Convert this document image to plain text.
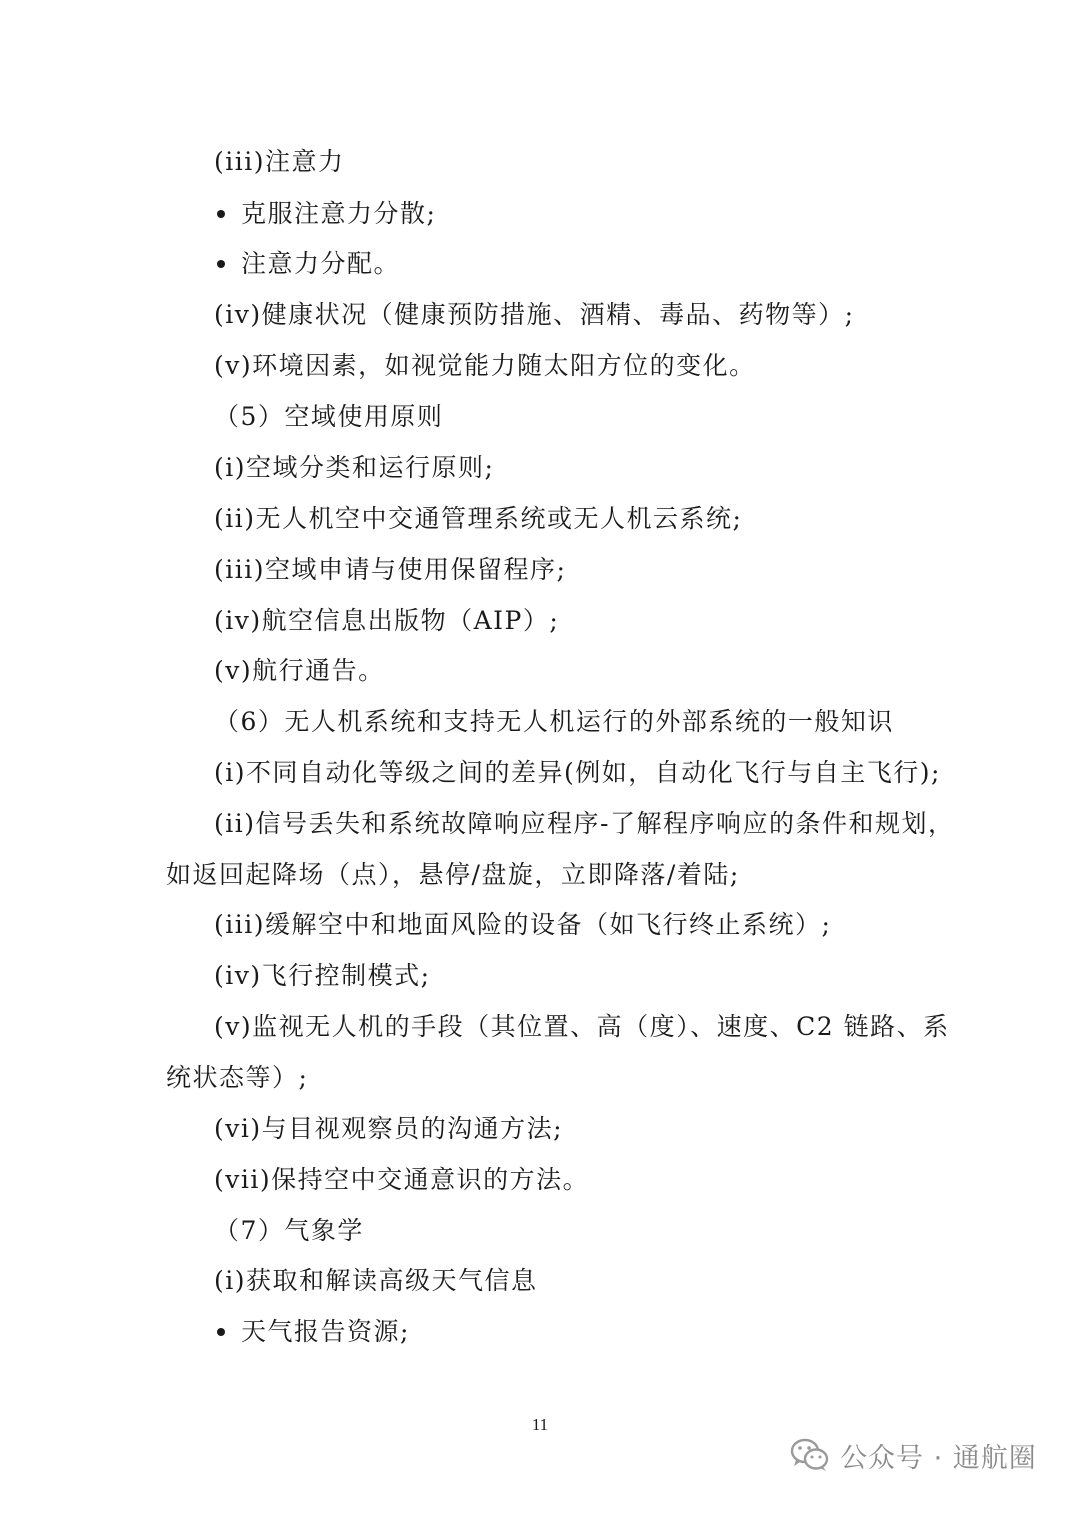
(iii)注意力
克服注意力分散;
注意力分配。
(iv)健康状况（健康预防措施、酒精、毒品、药物等）;
(v)环境因素，如视觉能力随太阳方位的变化。
（5）空域使用原则
(i)空域分类和运行原则;
(ii)无人机空中交通管理系统或无人机云系统;
(iii)空域申请与使用保留程序;
(iv)航空信息出版物（AIP）;
(v)航行通告。
（6）无人机系统和支持无人机运行的外部系统的一般知识
(i)不同自动化等级之间的差异(例如，自动化飞行与自主飞行);
(ii)信号丢失和系统故障响应程序-了解程序响应的条件和规划，
如返回起降场（点），悬停/盘旋，立即降落/着陆;
(iii)缓解空中和地面风险的设备（如飞行终止系统）;
(iv)飞行控制模式;
(v)监视无人机的手段（其位置、高（度）、速度、C2 链路、系
统状态等）;
(vi)与目视观察员的沟通方法;
(vii)保持空中交通意识的方法。
（7）气象学
(i)获取和解读高级天气信息
天气报告资源;
11
公众号 · 通航圈
